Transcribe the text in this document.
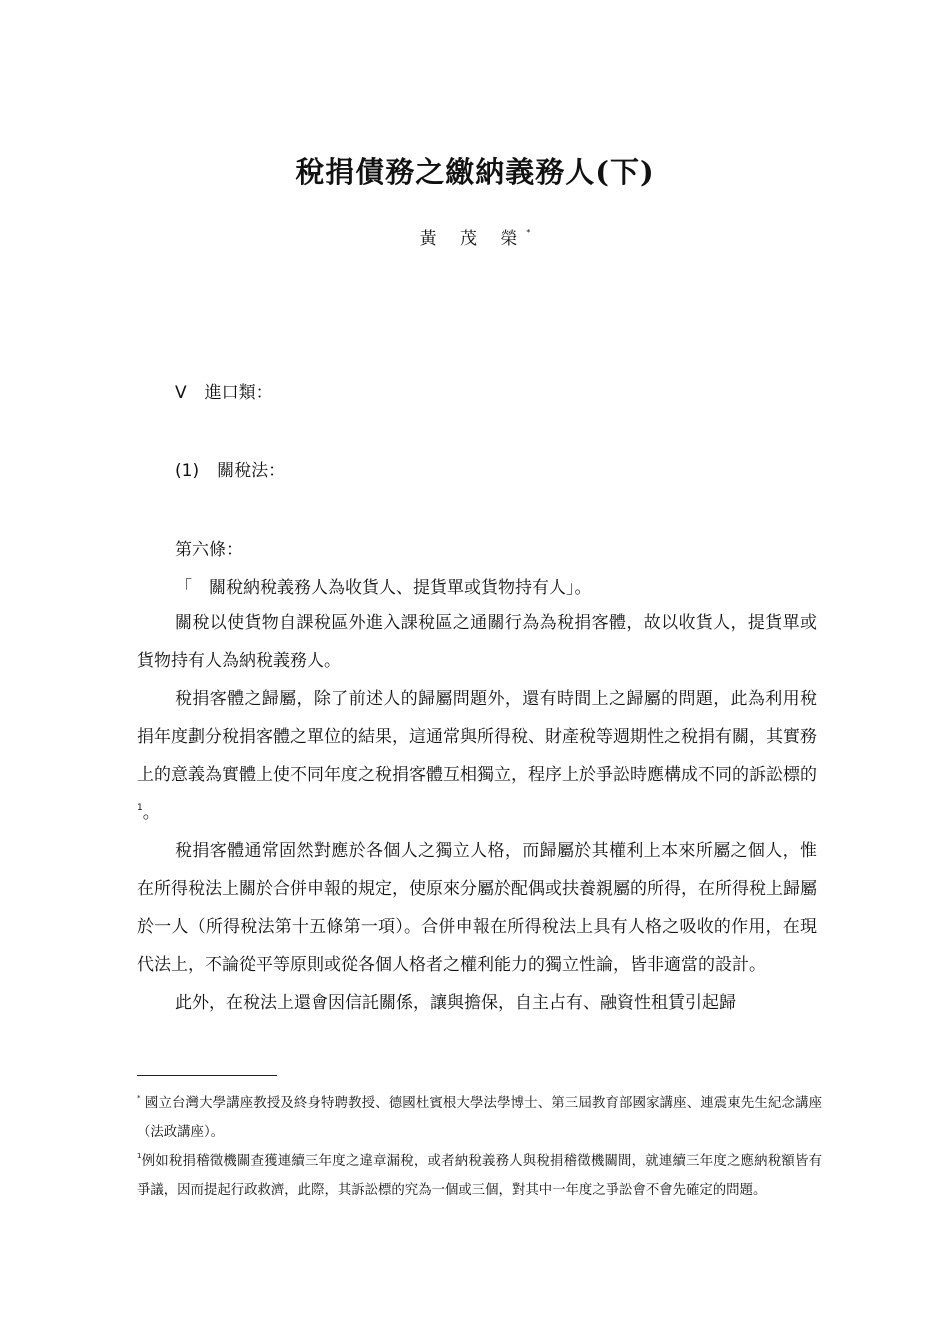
稅捐債務之繳納義務人(下)
黃 茂 榮*
V 進口類：
(1) 關稅法：
第六條：
「　關稅納稅義務人為收貨人、提貨單或貨物持有人」。

關稅以使貨物自課稅區外進入課稅區之通關行為為稅捐客體，故以收貨人，提貨單或貨物持有人為納稅義務人。

稅捐客體之歸屬，除了前述人的歸屬問題外，還有時間上之歸屬的問題，此為利用稅捐年度劃分稅捐客體之單位的結果，這通常與所得稅、財產稅等週期性之稅捐有關，其實務上的意義為實體上使不同年度之稅捐客體互相獨立，程序上於爭訟時應構成不同的訴訟標的$^1$。

稅捐客體通常固然對應於各個人之獨立人格，而歸屬於其權利上本來所屬之個人，惟在所得稅法上關於合併申報的規定，使原來分屬於配偶或扶養親屬的所得，在所得稅上歸屬於一人（所得稅法第十五條第一項）。合併申報在所得稅法上具有人格之吸收的作用，在現代法上，不論從平等原則或從各個人格者之權利能力的獨立性論，皆非適當的設計。

此外，在稅法上還會因信託關係，讓與擔保，自主占有、融資性租賃引起歸

* 國立台灣大學講座教授及終身特聘教授、德國杜賓根大學法學博士、第三屆教育部國家講座、連震東先生紀念講座（法政講座）。

$^1$例如稅捐稽徵機關查獲連續三年度之違章漏稅，或者納稅義務人與稅捐稽徵機關間，就連續三年度之應納稅額皆有爭議，因而提起行政救濟，此際，其訴訟標的究為一個或三個，對其中一年度之爭訟會不會先確定的問題。
